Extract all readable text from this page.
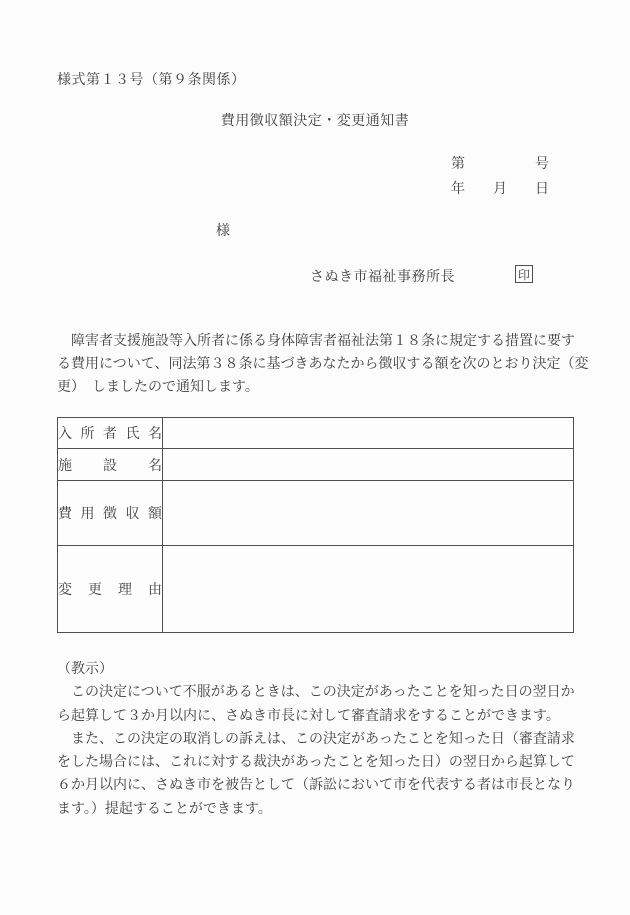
様式第１３号（第９条関係）
費用徴収額決定・変更通知書
第　　　　　号
年　　月　　日
様
さぬき市福祉事務所長	印
　障害者支援施設等入所者に係る身体障害者福祉法第１８条に規定する措置に要す
る費用について、同法第３８条に基づきあなたから徴収する額を次のとおり決定（変
更）　しましたので通知します。
入所者氏名	
施設名	
費用徴収額	
変更理由	
（教示）
　この決定について不服があるときは、この決定があったことを知った日の翌日か
ら起算して３か月以内に、さぬき市長に対して審査請求をすることができます。
　また、この決定の取消しの訴えは、この決定があったことを知った日（審査請求
をした場合には、これに対する裁決があったことを知った日）の翌日から起算して
６か月以内に、さぬき市を被告として（訴訟において市を代表する者は市長となり
ます。）提起することができます。
